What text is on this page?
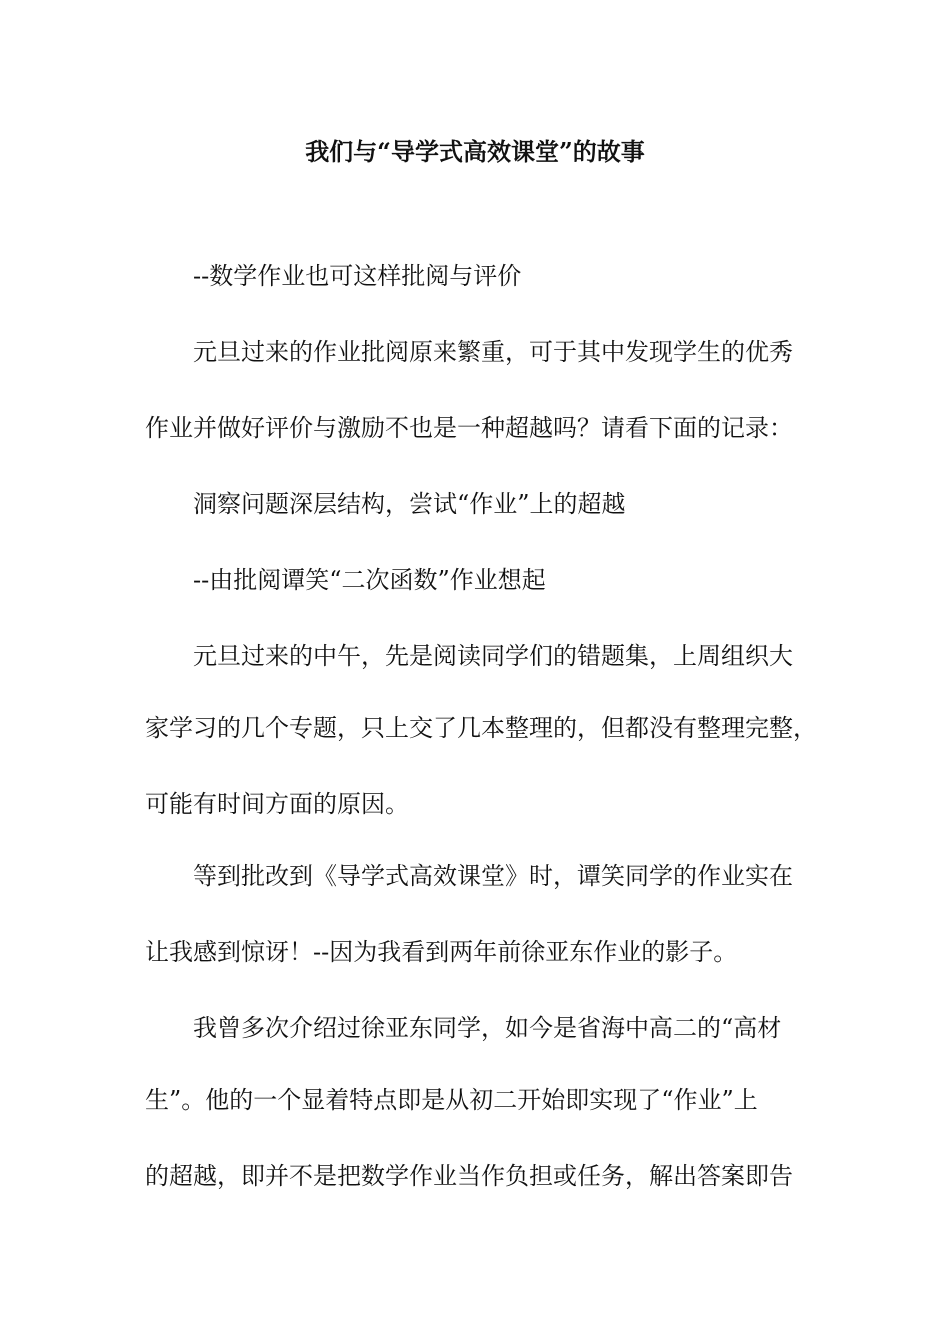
我们与“导学式高效课堂”的故事
--数学作业也可这样批阅与评价
元旦过来的作业批阅原来繁重，可于其中发现学生的优秀
作业并做好评价与激励不也是一种超越吗？请看下面的记录：
洞察问题深层结构，尝试“作业”上的超越
--由批阅谭笑“二次函数”作业想起
元旦过来的中午，先是阅读同学们的错题集，上周组织大
家学习的几个专题，只上交了几本整理的，但都没有整理完整，
可能有时间方面的原因。
等到批改到《导学式高效课堂》时，谭笑同学的作业实在
让我感到惊讶！--因为我看到两年前徐亚东作业的影子。
我曾多次介绍过徐亚东同学，如今是省海中高二的“高材
生”。他的一个显着特点即是从初二开始即实现了“作业”上
的超越，即并不是把数学作业当作负担或任务，解出答案即告
